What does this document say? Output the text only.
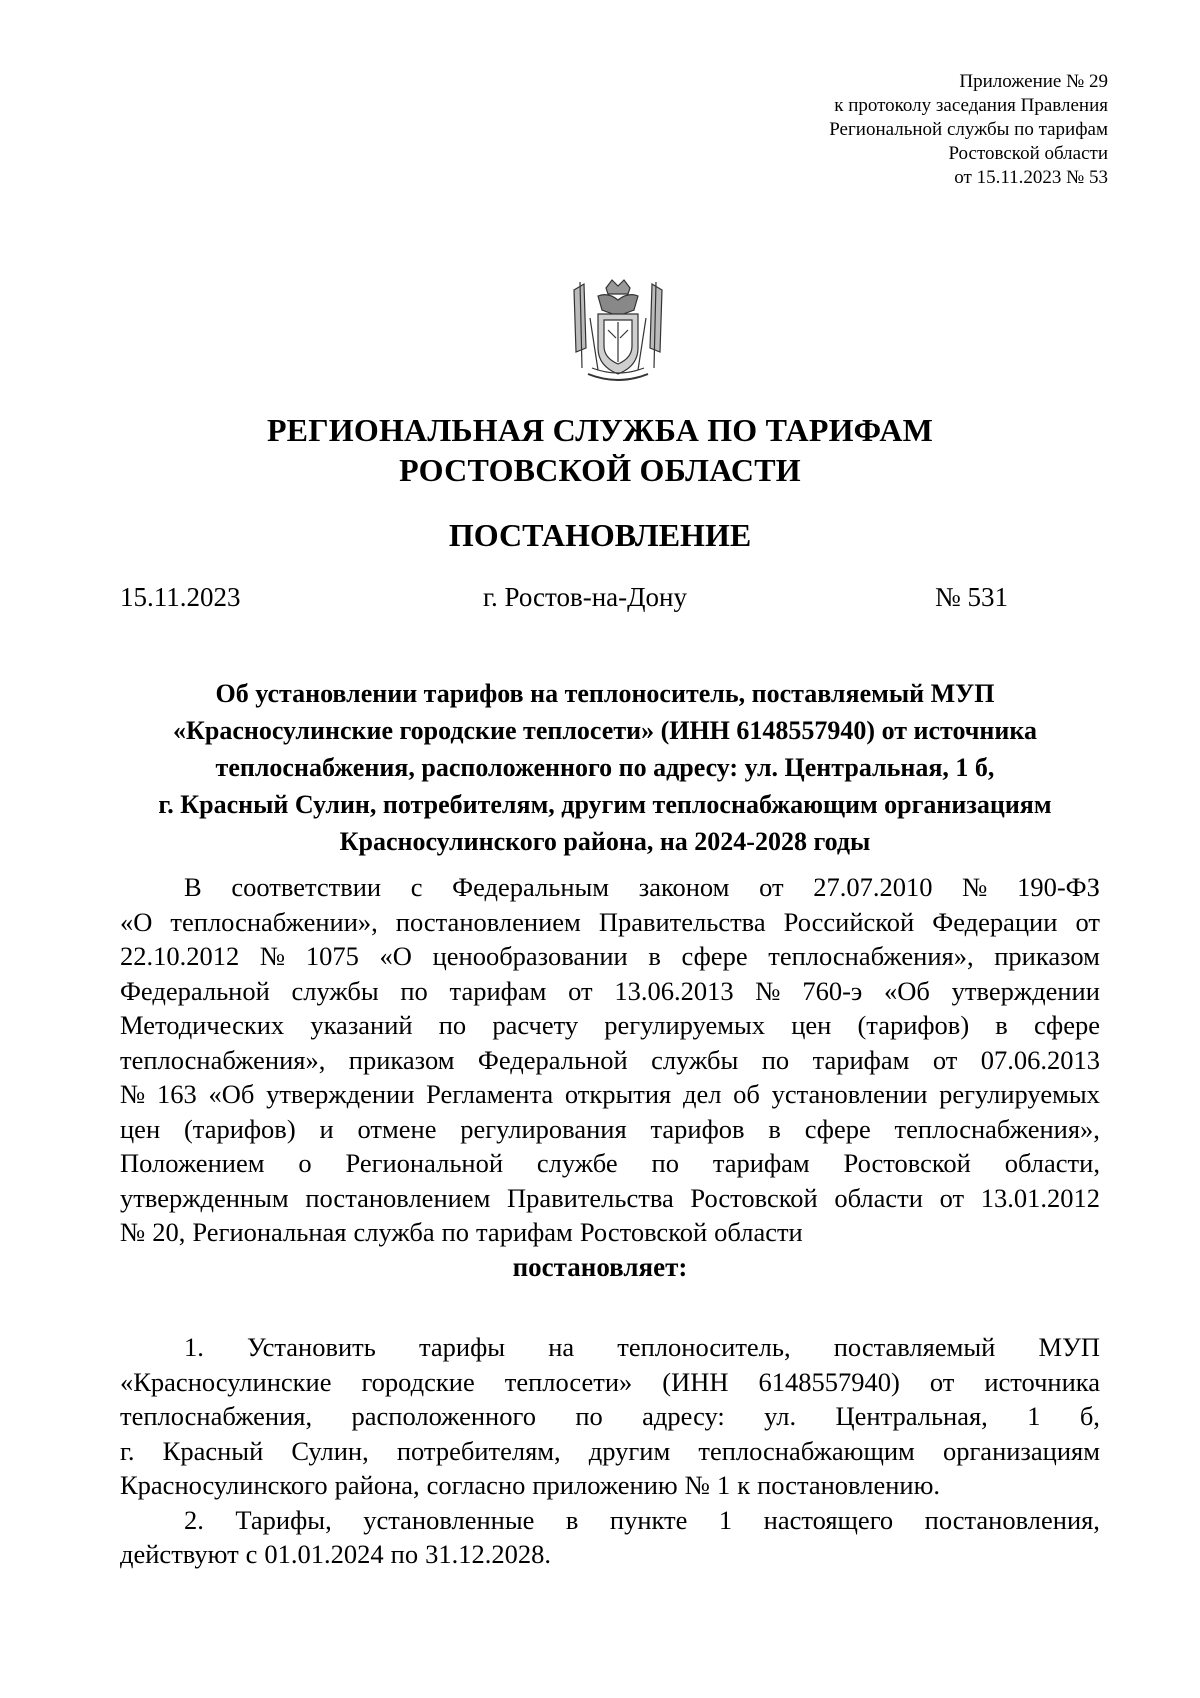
Приложение № 29
к протоколу заседания Правления
Региональной службы по тарифам
Ростовской области
от 15.11.2023 № 53
РЕГИОНАЛЬНАЯ СЛУЖБА ПО ТАРИФАМ
РОСТОВСКОЙ ОБЛАСТИ
ПОСТАНОВЛЕНИЕ
15.11.2023	г. Ростов-на-Дону	№ 531
Об установлении тарифов на теплоноситель, поставляемый МУП
«Красносулинские городские теплосети» (ИНН 6148557940) от источника
теплоснабжения, расположенного по адресу: ул. Центральная, 1 б,
г. Красный Сулин, потребителям, другим теплоснабжающим организациям
Красносулинского района, на 2024-2028 годы
В соответствии с Федеральным законом от 27.07.2010 № 190-ФЗ
«О теплоснабжении», постановлением Правительства Российской Федерации от
22.10.2012 № 1075 «О ценообразовании в сфере теплоснабжения», приказом
Федеральной службы по тарифам от 13.06.2013 № 760-э «Об утверждении
Методических указаний по расчету регулируемых цен (тарифов) в сфере
теплоснабжения», приказом Федеральной службы по тарифам от 07.06.2013
№ 163 «Об утверждении Регламента открытия дел об установлении регулируемых
цен (тарифов) и отмене регулирования тарифов в сфере теплоснабжения»,
Положением о Региональной службе по тарифам Ростовской области,
утвержденным постановлением Правительства Ростовской области от 13.01.2012
№ 20, Региональная служба по тарифам Ростовской области
постановляет:
1. Установить тарифы на теплоноситель, поставляемый МУП
«Красносулинские городские теплосети» (ИНН 6148557940) от источника
теплоснабжения, расположенного по адресу: ул. Центральная, 1 б,
г. Красный Сулин, потребителям, другим теплоснабжающим организациям
Красносулинского района, согласно приложению № 1 к постановлению.
2. Тарифы, установленные в пункте 1 настоящего постановления,
действуют с 01.01.2024 по 31.12.2028.
